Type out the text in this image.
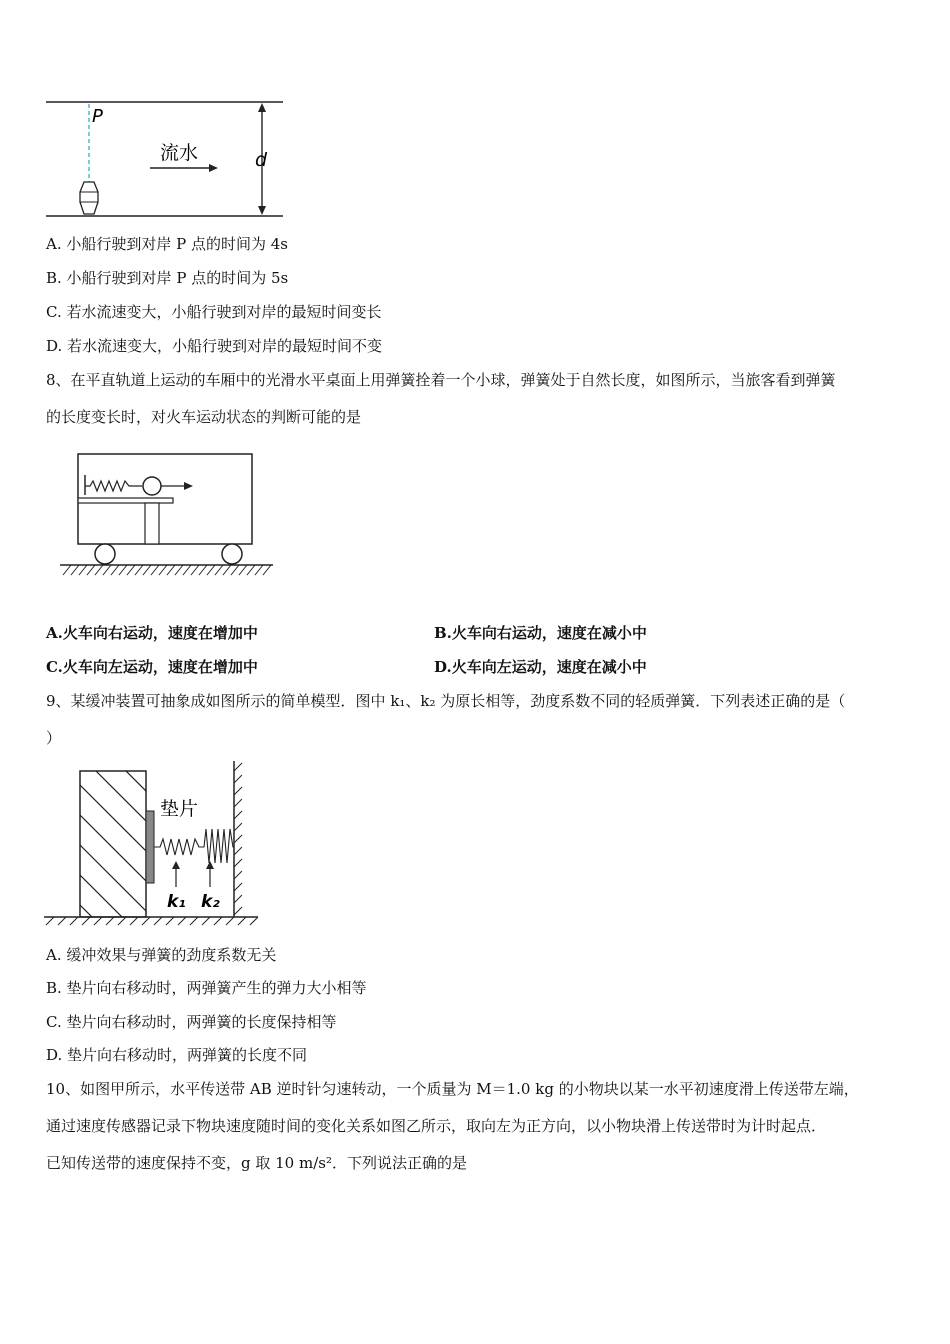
P
流水	d
A. 小船行驶到对岸 P 点的时间为 4s
B. 小船行驶到对岸 P 点的时间为 5s
C. 若水流速变大，小船行驶到对岸的最短时间变长
D. 若水流速变大，小船行驶到对岸的最短时间不变
8、在平直轨道上运动的车厢中的光滑水平桌面上用弹簧拴着一个小球，弹簧处于自然长度，如图所示，当旅客看到弹簧
的长度变长时，对火车运动状态的判断可能的是
A.火车向右运动，速度在增加中	B.火车向右运动，速度在减小中
C.火车向左运动，速度在增加中	D.火车向左运动，速度在减小中
9、某缓冲装置可抽象成如图所示的简单模型．图中 k₁、k₂ 为原长相等，劲度系数不同的轻质弹簧．下列表述正确的是（
）
垫片
k₁ k₂
A. 缓冲效果与弹簧的劲度系数无关
B. 垫片向右移动时，两弹簧产生的弹力大小相等
C. 垫片向右移动时，两弹簧的长度保持相等
D. 垫片向右移动时，两弹簧的长度不同
10、如图甲所示，水平传送带 AB 逆时针匀速转动，一个质量为 M＝1.0 kg 的小物块以某一水平初速度滑上传送带左端，
通过速度传感器记录下物块速度随时间的变化关系如图乙所示，取向左为正方向，以小物块滑上传送带时为计时起点．
已知传送带的速度保持不变，g 取 10 m/s²．下列说法正确的是
